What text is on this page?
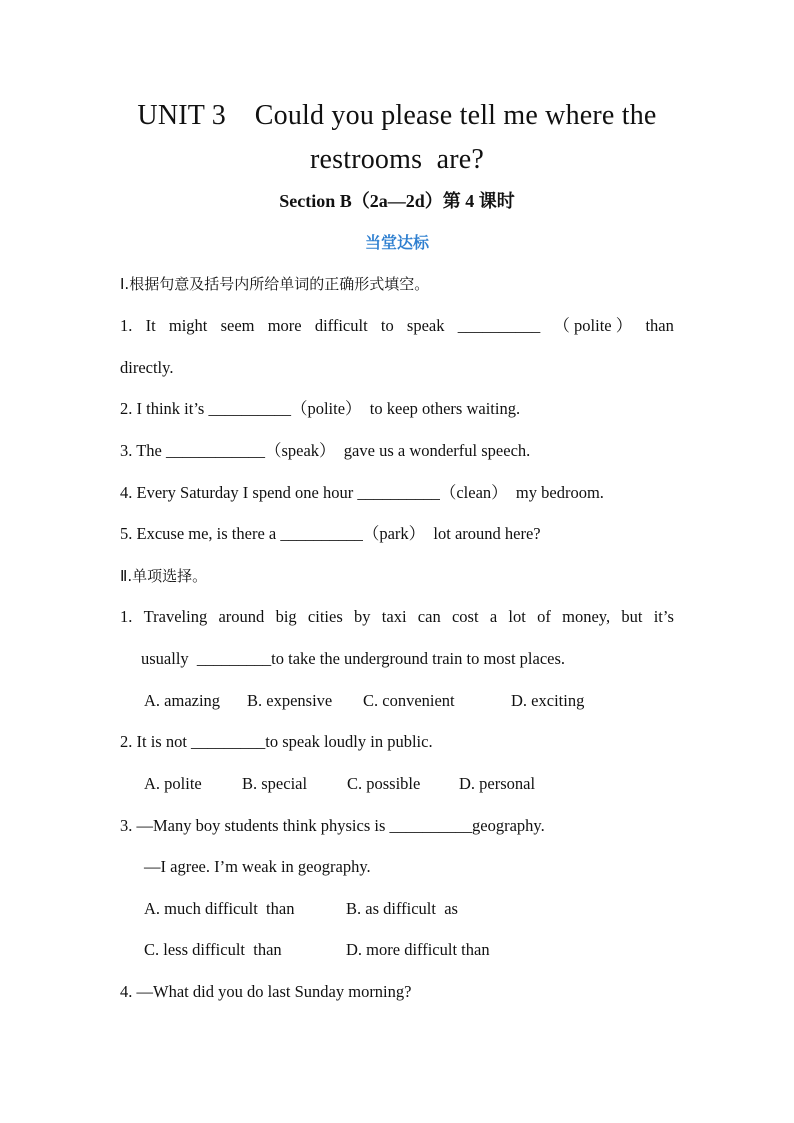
UNIT 3    Could you please tell me where the
restrooms  are?
Section B（2a—2d）第 4 课时
当堂达标
Ⅰ.根据句意及括号内所给单词的正确形式填空。
1. It might seem more difficult to speak __________ （ polite ） than
directly.
2. I think it’s __________（polite）  to keep others waiting.
3. The ____________（speak）  gave us a wonderful speech.
4. Every Saturday I spend one hour __________（clean）  my bedroom.
5. Excuse me, is there a __________（park）  lot around here?
Ⅱ.单项选择。
1. Traveling around big cities by taxi can cost a lot of money, but it’s
usually  _________to take the underground train to most places.
A. amazing B. expensive C. convenient	D. exciting
2. It is not _________to speak loudly in public.
A. polite B. special C. possible D. personal
3. —Many boy students think physics is __________geography.
—I agree. I’m weak in geography.
A. much difficult  than	B. as difficult  as
C. less difficult  than	D. more difficult than
4. —What did you do last Sunday morning?
